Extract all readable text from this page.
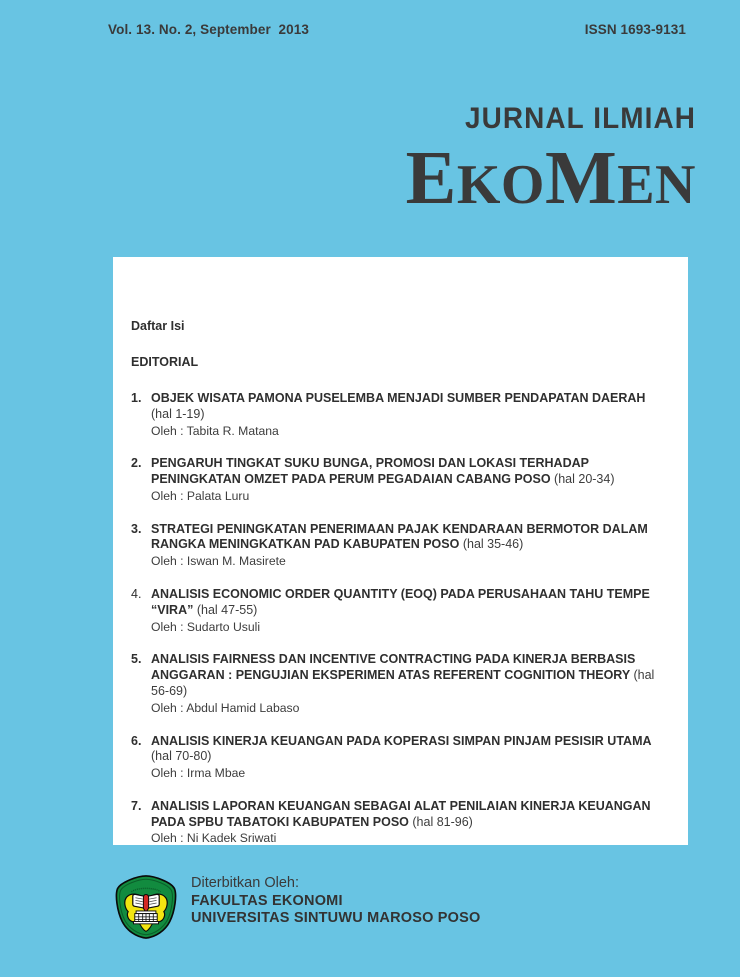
Vol. 13. No. 2, September  2013	ISSN 1693-9131
JURNAL ILMIAH
EKOMEN
Daftar Isi
EDITORIAL
1. OBJEK WISATA PAMONA PUSELEMBA MENJADI SUMBER PENDAPATAN DAERAH (hal 1-19)

Oleh : Tabita R. Matana

2. PENGARUH TINGKAT SUKU BUNGA, PROMOSI DAN LOKASI TERHADAP PENINGKATAN OMZET PADA PERUM PEGADAIAN CABANG POSO (hal 20-34)

Oleh : Palata Luru

3. STRATEGI PENINGKATAN PENERIMAAN PAJAK KENDARAAN BERMOTOR DALAM RANGKA MENINGKATKAN PAD KABUPATEN POSO (hal 35-46)

Oleh : Iswan M. Masirete

4. ANALISIS ECONOMIC ORDER QUANTITY (EOQ) PADA PERUSAHAAN TAHU TEMPE “VIRA” (hal 47-55)

Oleh : Sudarto Usuli

5. ANALISIS FAIRNESS DAN INCENTIVE CONTRACTING PADA KINERJA BERBASIS ANGGARAN : PENGUJIAN EKSPERIMEN ATAS REFERENT COGNITION THEORY (hal 56-69)

Oleh : Abdul Hamid Labaso

6. ANALISIS KINERJA KEUANGAN PADA KOPERASI SIMPAN PINJAM PESISIR UTAMA (hal 70-80)

Oleh : Irma Mbae

7. ANALISIS LAPORAN KEUANGAN SEBAGAI ALAT PENILAIAN KINERJA KEUANGAN PADA SPBU TABATOKI KABUPATEN POSO (hal 81-96)

Oleh : Ni Kadek Sriwati

Diterbitkan Oleh:
FAKULTAS EKONOMI
UNIVERSITAS SINTUWU MAROSO POSO
